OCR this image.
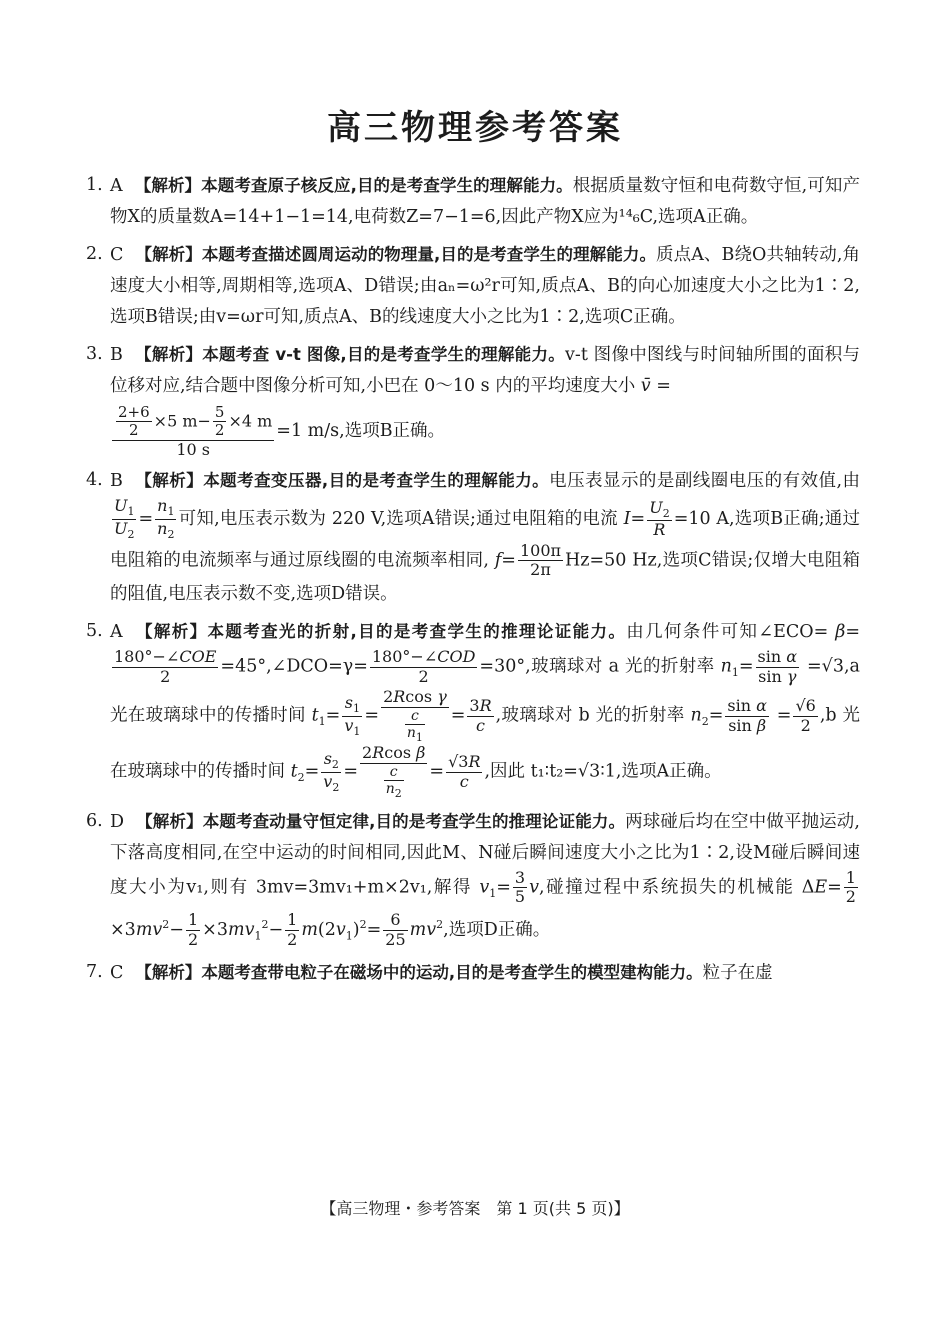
高三物理参考答案
1. A 【解析】本题考查原子核反应,目的是考查学生的理解能力。根据质量数守恒和电荷数守恒,可知产物X的质量数A=14+1−1=14,电荷数Z=7−1=6,因此产物X应为¹⁴₆C,选项A正确。
2. C 【解析】本题考查描述圆周运动的物理量,目的是考查学生的理解能力。质点A、B绕O共轴转动,角速度大小相等,周期相等,选项A、D错误;由aₙ=ω²r可知,质点A、B的向心加速度大小之比为1∶2,选项B错误;由v=ωr可知,质点A、B的线速度大小之比为1∶2,选项C正确。
3. B 【解析】本题考查 v-t 图像,目的是考查学生的理解能力。v-t 图像中图线与时间轴所围的面积与位移对应,结合题中图像分析可知,小巴在 0～10 s 内的平均速度大小 v̄ =
$\frac{\frac{2+6}{2} \times 5 m- \frac{5}{2} \times 4 m}{10 s} =1$ m/s,选项B正确。
4. B 【解析】本题考查变压器,目的是考查学生的理解能力。电压表显示的是副线圈电压的有效值,由
$\frac{U_1}{U_2} = \frac{n_1}{n_2}$ 可知,电压表示数为 220 V,选项A错误;通过电阻箱的电流 $I= \frac{U_2}{R} =10$ A,选项B正确;通过电阻箱的电流频率与通过原线圈的电流频率相同, $f= \frac{100\pi}{2\pi} Hz=50$ Hz,选项C错误;仅增大电阻箱的阻值,电压表示数不变,选项D错误。
5. A 【解析】本题考查光的折射,目的是考查学生的推理论证能力。由几何条件可知∠ECO= β=
$\frac{\text{180°−∠COE}}{2}$ =45°,∠DCO=γ= $\frac{\text{180°−∠COD}}{2} =30^\circ$,玻璃球对 a 光的折射率 $n_1= \frac{\text{sin α}}{\text{sin γ}} =√3,a$ 光在玻璃球中的传播时间 $t_1= \frac{s_1}{v_1} = \frac{\text{2Rcos γ}}{\frac{c}{n_1}} = \frac{3R}{c}$ ,玻璃球对 b 光的折射率 $n_2= \frac{\text{sin α}}{\text{sin β}} = \frac{√6}{2} ,b$ 光在玻璃球中的传播时间 $t_2= \frac{s_2}{v_2} = \frac{\text{2Rcos β}}{\frac{c}{n_2}} = \frac{√3R}{c}$ ,因此 t₁∶t₂=√3∶1,选项A正确。
6. D 【解析】本题考查动量守恒定律,目的是考查学生的推理论证能力。两球碰后均在空中做平抛运动,下落高度相同,在空中运动的时间相同,因此M、N碰后瞬间速度大小之比为1∶2,设M碰后瞬间速度大小为v₁,则有 3mv=3mv₁+m×2v₁,解得 $v_1= \frac{3}{5} v$,碰撞过程中系统损失的机械能 $\Delta E= \frac{1}{2}$
$\times 3mv^2- \frac{1}{2} \times 3mv_1^2- \frac{1}{2} m(2v_1)^2= \frac{6}{25} mv^2$,选项D正确。
7. C 【解析】本题考查带电粒子在磁场中的运动,目的是考查学生的模型建构能力。粒子在虚
【高三物理・参考答案　第 1 页(共 5 页)】
